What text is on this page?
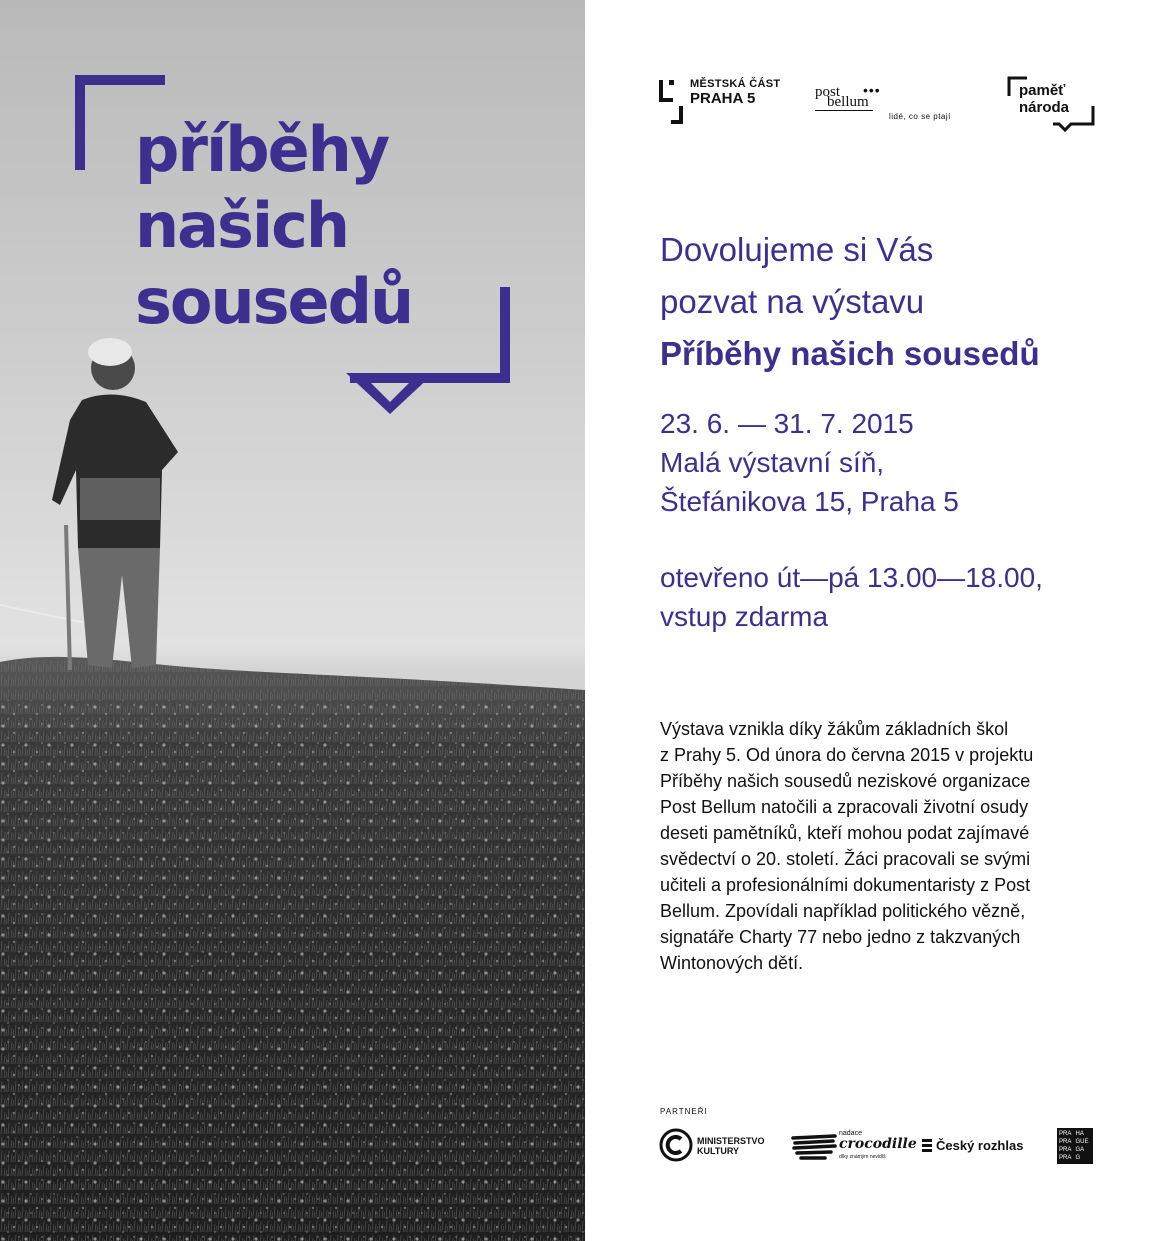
příběhy
našich
sousedů
MĚSTSKÁ ČÁST
PRAHA 5	post
bellum
•••
lidé, co se ptají
paměť
národa
Dovolujeme si Vás
pozvat na výstavu
Příběhy našich sousedů
23. 6. — 31. 7. 2015
Malá výstavní síň,
Štefánikova 15, Praha 5
otevřeno út—pá 13.00—18.00,
vstup zdarma
Výstava vznikla díky žákům základních škol
z Prahy 5. Od února do června 2015 v projektu
Příběhy našich sousedů neziskové organizace
Post Bellum natočili a zpracovali životní osudy
deseti pamětníků, kteří mohou podat zajímavé
svědectví o 20. století. Žáci pracovali se svými
učiteli a profesionálními dokumentaristy z Post
Bellum. Zpovídali například politického vězně,
signatáře Charty 77 nebo jedno z takzvaných
Wintonových dětí.
PARTNEŘI
MINISTERSTVO
KULTURY
nadace
crocodille
díky známým nevidíš
Český rozhlas
PRA HA
PRA GUE
PRA GA
PRA G
